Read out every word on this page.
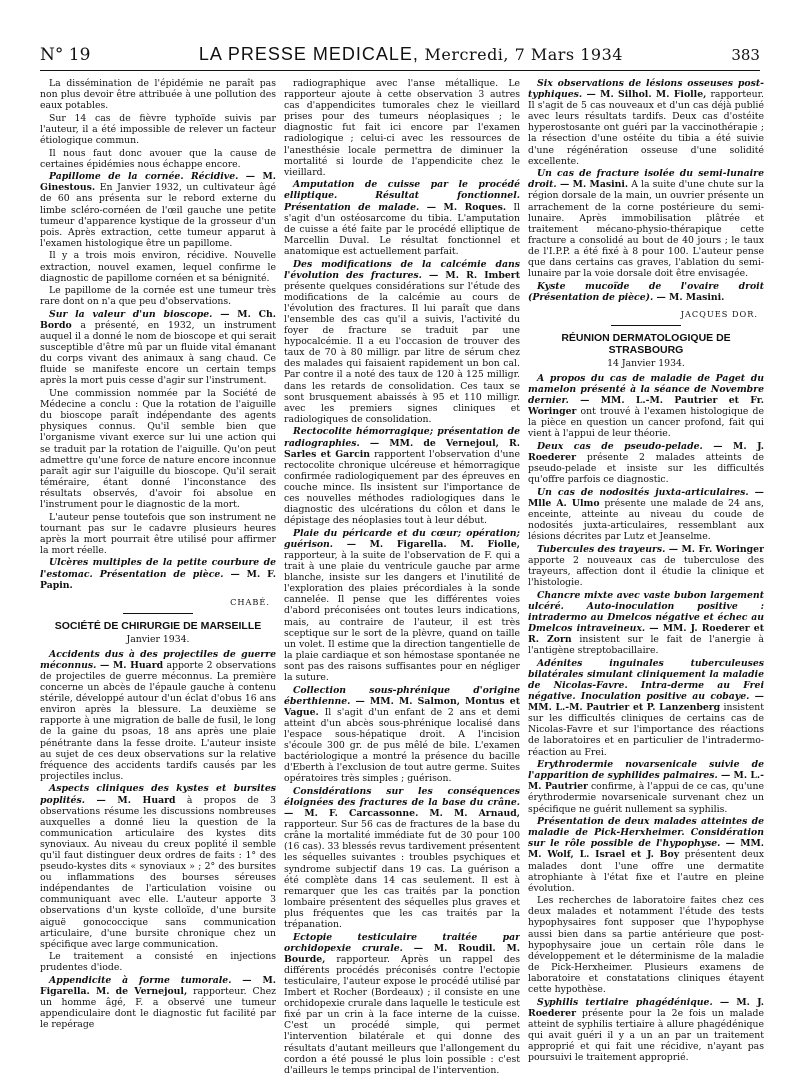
N° 19	LA PRESSE MEDICALE, Mercredi, 7 Mars 1934	383

La dissémination de l'épidémie ne paraît pas non plus devoir être attribuée à une pollution des eaux potables.

Sur 14 cas de fièvre typhoïde suivis par l'auteur, il a été impossible de relever un facteur étiologique commun.

Il nous faut donc avouer que la cause de certaines épidémies nous échappe encore.

Papillome de la cornée. Récidive. — M. Ginestous. En Janvier 1932, un cultivateur âgé de 60 ans présenta sur le rebord externe du limbe scléro-cornéen de l'œil gauche une petite tumeur d'apparence kystique de la grosseur d'un pois. Après extraction, cette tumeur apparut à l'examen histologique être un papillome.

Il y a trois mois environ, récidive. Nouvelle extraction, nouvel examen, lequel confirme le diagnostic de papillome cornéen et sa bénignité.

Le papillome de la cornée est une tumeur très rare dont on n'a que peu d'observations.

Sur la valeur d'un bioscope. — M. Ch. Bordo a présenté, en 1932, un instrument auquel il a donné le nom de bioscope et qui serait susceptible d'être mû par un fluide vital émanant du corps vivant des animaux à sang chaud. Ce fluide se manifeste encore un certain temps après la mort puis cesse d'agir sur l'instrument.

Une commission nommée par la Société de Médecine a conclu : Que la rotation de l'aiguille du bioscope paraît indépendante des agents physiques connus. Qu'il semble bien que l'organisme vivant exerce sur lui une action qui se traduit par la rotation de l'aiguille. Qu'on peut admettre qu'une force de nature encore inconnue paraît agir sur l'aiguille du bioscope. Qu'il serait téméraire, étant donné l'inconstance des résultats observés, d'avoir foi absolue en l'instrument pour le diagnostic de la mort.

L'auteur pense toutefois que son instrument ne tournant pas sur le cadavre plusieurs heures après la mort pourrait être utilisé pour affirmer la mort réelle.

Ulcères multiples de la petite courbure de l'estomac. Présentation de pièce. — M. F. Papin.

CHABÉ.

SOCIÉTÉ DE CHIRURGIE DE MARSEILLE
Janvier 1934.

Accidents dus à des projectiles de guerre méconnus. — M. Huard apporte 2 observations de projectiles de guerre méconnus. La première concerne un abcès de l'épaule gauche à contenu stérile, développé autour d'un éclat d'obus 16 ans environ après la blessure. La deuxième se rapporte à une migration de balle de fusil, le long de la gaine du psoas, 18 ans après une plaie pénétrante dans la fesse droite. L'auteur insiste au sujet de ces deux observations sur la relative fréquence des accidents tardifs causés par les projectiles inclus.

Aspects cliniques des kystes et bursites poplités. — M. Huard à propos de 3 observations résume les discussions nombreuses auxquelles a donné lieu la question de la communication articulaire des kystes dits synoviaux. Au niveau du creux poplité il semble qu'il faut distinguer deux ordres de faits : 1° des pseudo-kystes dits « synoviaux » ; 2° des bursites ou inflammations des bourses séreuses indépendantes de l'articulation voisine ou communiquant avec elle. L'auteur apporte 3 observations d'un kyste colloïde, d'une bursite aiguë gonococcique sans communication articulaire, d'une bursite chronique chez un spécifique avec large communication.

Le traitement a consisté en injections prudentes d'iode.

Appendicite à forme tumorale. — M. Figarella. M. de Vernejoul, rapporteur. Chez un homme âgé, F. a observé une tumeur appendiculaire dont le diagnostic fut facilité par le repérage

radiographique avec l'anse métallique. Le rapporteur ajoute à cette observation 3 autres cas d'appendicites tumorales chez le vieillard prises pour des tumeurs néoplasiques ; le diagnostic fut fait ici encore par l'examen radiologique ; celui-ci avec les ressources de l'anesthésie locale permettra de diminuer la mortalité si lourde de l'appendicite chez le vieillard.

Amputation de cuisse par le procédé elliptique. Résultat fonctionnel. Présentation de malade. — M. Roques. Il s'agit d'un ostéosarcome du tibia. L'amputation de cuisse a été faite par le procédé elliptique de Marcellin Duval. Le résultat fonctionnel et anatomique est actuellement parfait.

Des modifications de la calcémie dans l'évolution des fractures. — M. R. Imbert présente quelques considérations sur l'étude des modifications de la calcémie au cours de l'évolution des fractures. Il lui paraît que dans l'ensemble des cas qu'il a suivis, l'activité du foyer de fracture se traduit par une hypocalcémie. Il a eu l'occasion de trouver des taux de 70 à 80 milligr. par litre de sérum chez des malades qui faisaient rapidement un bon cal. Par contre il a noté des taux de 120 à 125 milligr. dans les retards de consolidation. Ces taux se sont brusquement abaissés à 95 et 110 milligr. avec les premiers signes cliniques et radiologiques de consolidation.

Rectocolite hémorragique; présentation de radiographies. — MM. de Vernejoul, R. Sarles et Garcin rapportent l'observation d'une rectocolite chronique ulcéreuse et hémorragique confirmée radiologiquement par des épreuves en couche mince. Ils insistent sur l'importance de ces nouvelles méthodes radiologiques dans le diagnostic des ulcérations du côlon et dans le dépistage des néoplasies tout à leur début.

Plaie du péricarde et du cœur; opération; guérison. — M. Figarella. M. Fiolle, rapporteur, à la suite de l'observation de F. qui a trait à une plaie du ventricule gauche par arme blanche, insiste sur les dangers et l'inutilité de l'exploration des plaies précordiales à la sonde cannelée. Il pense que les différentes voies d'abord préconisées ont toutes leurs indications, mais, au contraire de l'auteur, il est très sceptique sur le sort de la plèvre, quand on taille un volet. Il estime que la direction tangentielle de la plaie cardiaque et son hémostase spontanée ne sont pas des raisons suffisantes pour en négliger la suture.

Collection sous-phrénique d'origine éberthienne. — MM. M. Salmon, Montus et Vague. Il s'agit d'un enfant de 2 ans et demi atteint d'un abcès sous-phrénique localisé dans l'espace sous-hépatique droit. A l'incision s'écoule 300 gr. de pus mêlé de bile. L'examen bactériologique a montré la présence du bacille d'Eberth à l'exclusion de tout autre germe. Suites opératoires très simples ; guérison.

Considérations sur les conséquences éloignées des fractures de la base du crâne. — M. F. Carcassonne. M. M. Arnaud, rapporteur. Sur 56 cas de fractures de la base du crâne la mortalité immédiate fut de 30 pour 100 (16 cas). 33 blessés revus tardivement présentent les séquelles suivantes : troubles psychiques et syndrome subjectif dans 19 cas. La guérison a été complète dans 14 cas seulement. Il est à remarquer que les cas traités par la ponction lombaire présentent des séquelles plus graves et plus fréquentes que les cas traités par la trépanation.

Ectopie testiculaire traitée par orchidopexie crurale. — M. Roudil. M. Bourde, rapporteur. Après un rappel des différents procédés préconisés contre l'ectopie testiculaire, l'auteur expose le procédé utilisé par Imbert et Rocher (Bordeaux) ; il consiste en une orchidopexie crurale dans laquelle le testicule est fixé par un crin à la face interne de la cuisse. C'est un procédé simple, qui permet l'intervention bilatérale et qui donne des résultats d'autant meilleurs que l'allongement du cordon a été poussé le plus loin possible : c'est d'ailleurs le temps principal de l'intervention.

Six observations de lésions osseuses post-typhiques. — M. Silhol. M. Fiolle, rapporteur. Il s'agit de 5 cas nouveaux et d'un cas déjà publié avec leurs résultats tardifs. Deux cas d'ostéite hyperostosante ont guéri par la vaccinothérapie ; la résection d'une ostéite du tibia a été suivie d'une régénération osseuse d'une solidité excellente.

Un cas de fracture isolée du semi-lunaire droit. — M. Masini. A la suite d'une chute sur la région dorsale de la main, un ouvrier présente un arrachement de la corne postérieure du semi-lunaire. Après immobilisation plâtrée et traitement mécano-physio-thérapique cette fracture a consolidé au bout de 40 jours ; le taux de l'I.P.P. a été fixé à 8 pour 100. L'auteur pense que dans certains cas graves, l'ablation du semi-lunaire par la voie dorsale doit être envisagée.

Kyste mucoïde de l'ovaire droit (Présentation de pièce). — M. Masini.

JACQUES DOR.

RÉUNION DERMATOLOGIQUE DE STRASBOURG
14 Janvier 1934.

A propos du cas de maladie de Paget du mamelon présenté à la séance de Novembre dernier. — MM. L.-M. Pautrier et Fr. Woringer ont trouvé à l'examen histologique de la pièce en question un cancer profond, fait qui vient à l'appui de leur théorie.

Deux cas de pseudo-pelade. — M. J. Roederer présente 2 malades atteints de pseudo-pelade et insiste sur les difficultés qu'offre parfois ce diagnostic.

Un cas de nodosités juxta-articulaires. — Mlle A. Ulmo présente une malade de 24 ans, enceinte, atteinte au niveau du coude de nodosités juxta-articulaires, ressemblant aux lésions décrites par Lutz et Jeanselme.

Tubercules des trayeurs. — M. Fr. Woringer apporte 2 nouveaux cas de tuberculose des trayeurs, affection dont il étudie la clinique et l'histologie.

Chancre mixte avec vaste bubon largement ulcéré. Auto-inoculation positive : intradermo au Dmelcos négative et échec au Dmelcos intraveineux. — MM. J. Roederer et R. Zorn insistent sur le fait de l'anergie à l'antigène streptobacillaire.

Adénites inguinales tuberculeuses bilatérales simulant cliniquement la maladie de Nicolas-Favre. Intra-derme au Frei négative. Inoculation positive au cobaye. — MM. L.-M. Pautrier et P. Lanzenberg insistent sur les difficultés cliniques de certains cas de Nicolas-Favre et sur l'importance des réactions de laboratoires et en particulier de l'intradermo-réaction au Frei.

Erythrodermie novarsenicale suivie de l'apparition de syphilides palmaires. — M. L.-M. Pautrier confirme, à l'appui de ce cas, qu'une érythrodermie novarsenicale survenant chez un spécifique ne guérit nullement sa syphilis.

Présentation de deux malades atteintes de maladie de Pick-Herxheimer. Considération sur le rôle possible de l'hypophyse. — MM. M. Wolf, L. Israel et J. Boy présentent deux malades dont l'une offre une dermatite atrophiante à l'état fixe et l'autre en pleine évolution.

Les recherches de laboratoire faites chez ces deux malades et notamment l'étude des tests hypophysaires font supposer que l'hypophyse aussi bien dans sa partie antérieure que post-hypophysaire joue un certain rôle dans le développement et le déterminisme de la maladie de Pick-Herxheimer. Plusieurs examens de laboratoire et constatations cliniques étayent cette hypothèse.

Syphilis tertiaire phagédénique. — M. J. Roederer présente pour la 2e fois un malade atteint de syphilis tertiaire à allure phagédénique qui avait guéri il y a un an par un traitement approprié et qui fait une récidive, n'ayant pas poursuivi le traitement approprié.
